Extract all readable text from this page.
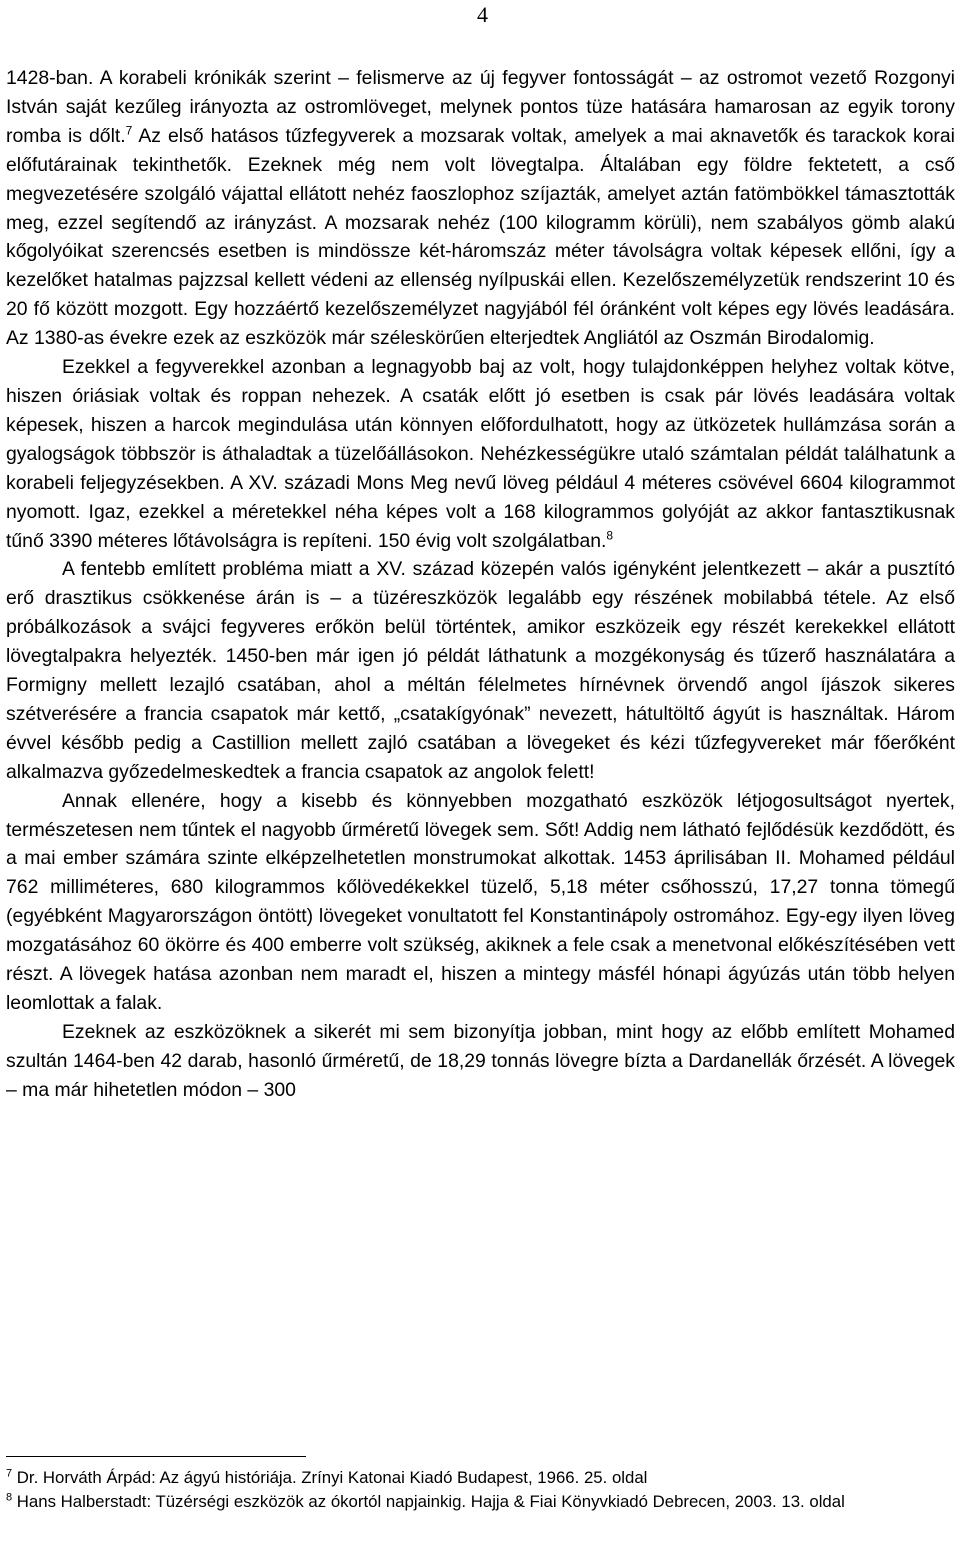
4

1428-ban. A korabeli krónikák szerint – felismerve az új fegyver fontosságát – az ostromot vezető Rozgonyi István saját kezűleg irányozta az ostromlöveget, melynek pontos tüze hatására hamarosan az egyik torony romba is dőlt.$^7$ Az első hatásos tűzfegyverek a mozsarak voltak, amelyek a mai aknavetők és tarackok korai előfutárainak tekinthetők. Ezeknek még nem volt lövegtalpa. Általában egy földre fektetett, a cső megvezetésére szolgáló vájattal ellátott nehéz faoszlophoz szíjazták, amelyet aztán fatömbökkel támasztották meg, ezzel segítendő az irányzást. A mozsarak nehéz (100 kilogramm körüli), nem szabályos gömb alakú kőgolyóikat szerencsés esetben is mindössze két-háromszáz méter távolságra voltak képesek ellőni, így a kezelőket hatalmas pajzzsal kellett védeni az ellenség nyílpuskái ellen. Kezelőszemélyzetük rendszerint 10 és 20 fő között mozgott. Egy hozzáértő kezelőszemélyzet nagyjából fél óránként volt képes egy lövés leadására. Az 1380-as évekre ezek az eszközök már széleskörűen elterjedtek Angliától az Oszmán Birodalomig.

Ezekkel a fegyverekkel azonban a legnagyobb baj az volt, hogy tulajdonképpen helyhez voltak kötve, hiszen óriásiak voltak és roppan nehezek. A csaták előtt jó esetben is csak pár lövés leadására voltak képesek, hiszen a harcok megindulása után könnyen előfordulhatott, hogy az ütközetek hullámzása során a gyalogságok többször is áthaladtak a tüzelőállásokon. Nehézkességükre utaló számtalan példát találhatunk a korabeli feljegyzésekben. A XV. századi Mons Meg nevű löveg például 4 méteres csövével 6604 kilogrammot nyomott. Igaz, ezekkel a méretekkel néha képes volt a 168 kilogrammos golyóját az akkor fantasztikusnak tűnő 3390 méteres lőtávolságra is repíteni. 150 évig volt szolgálatban.$^8$

A fentebb említett probléma miatt a XV. század közepén valós igényként jelentkezett – akár a pusztító erő drasztikus csökkenése árán is – a tüzéreszközök legalább egy részének mobilabbá tétele. Az első próbálkozások a svájci fegyveres erőkön belül történtek, amikor eszközeik egy részét kerekekkel ellátott lövegtalpakra helyezték. 1450-ben már igen jó példát láthatunk a mozgékonyság és tűzerő használatára a Formigny mellett lezajló csatában, ahol a méltán félelmetes hírnévnek örvendő angol íjászok sikeres szétverésére a francia csapatok már kettő, „csatakígyónak” nevezett, hátultöltő ágyút is használtak. Három évvel később pedig a Castillion mellett zajló csatában a lövegeket és kézi tűzfegyvereket már főerőként alkalmazva győzedelmeskedtek a francia csapatok az angolok felett!

Annak ellenére, hogy a kisebb és könnyebben mozgatható eszközök létjogosultságot nyertek, természetesen nem tűntek el nagyobb űrméretű lövegek sem. Sőt! Addig nem látható fejlődésük kezdődött, és a mai ember számára szinte elképzelhetetlen monstrumokat alkottak. 1453 áprilisában II. Mohamed például 762 milliméteres, 680 kilogrammos kőlövedékekkel tüzelő, 5,18 méter csőhosszú, 17,27 tonna tömegű (egyébként Magyarországon öntött) lövegeket vonultatott fel Konstantinápoly ostromához. Egy-egy ilyen löveg mozgatásához 60 ökörre és 400 emberre volt szükség, akiknek a fele csak a menetvonal előkészítésében vett részt. A lövegek hatása azonban nem maradt el, hiszen a mintegy másfél hónapi ágyúzás után több helyen leomlottak a falak.

Ezeknek az eszközöknek a sikerét mi sem bizonyítja jobban, mint hogy az előbb említett Mohamed szultán 1464-ben 42 darab, hasonló űrméretű, de 18,29 tonnás lövegre bízta a Dardanellák őrzését. A lövegek – ma már hihetetlen módon – 300

$^7$ Dr. Horváth Árpád: Az ágyú históriája. Zrínyi Katonai Kiadó Budapest, 1966. 25. oldal

$^8$ Hans Halberstadt: Tüzérségi eszközök az ókortól napjainkig. Hajja & Fiai Könyvkiadó Debrecen, 2003. 13. oldal
